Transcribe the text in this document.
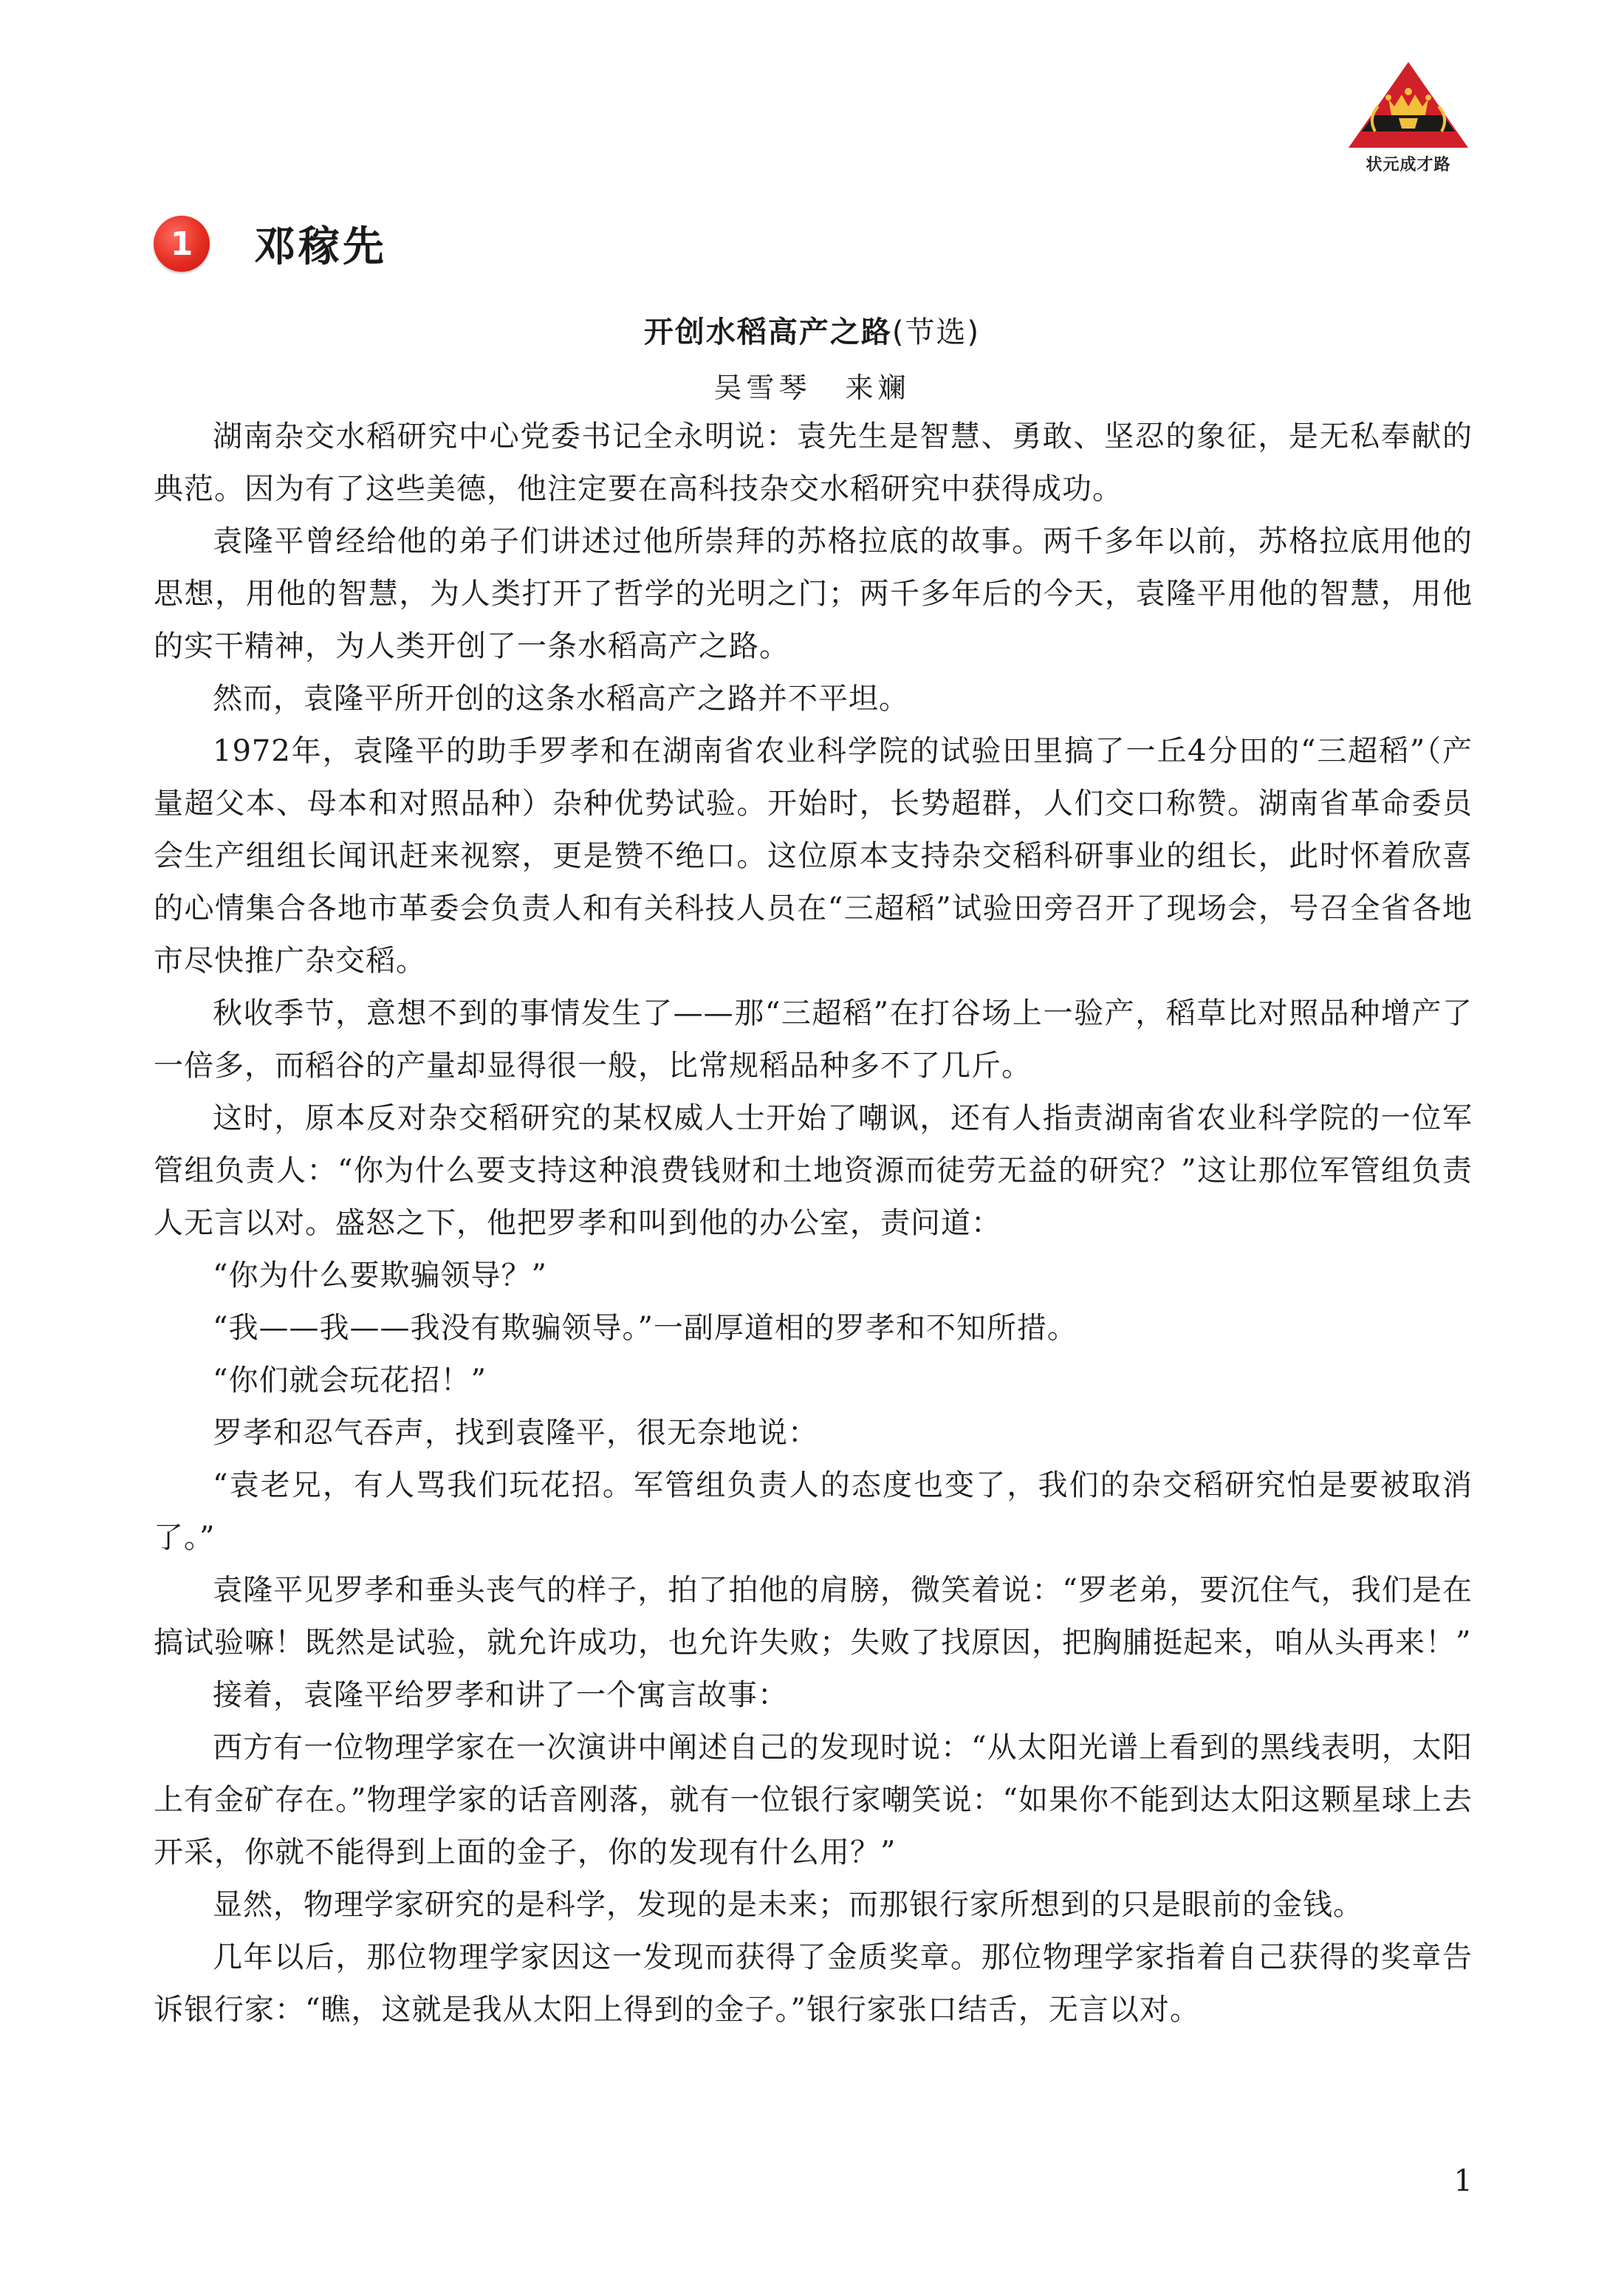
状元成才路
1	邓稼先
开创水稻高产之路(节选)
吴雪琴 来斓

湖南杂交水稻研究中心党委书记全永明说：袁先生是智慧、勇敢、坚忍的象征，是无私奉献的典范。因为有了这些美德，他注定要在高科技杂交水稻研究中获得成功。

袁隆平曾经给他的弟子们讲述过他所崇拜的苏格拉底的故事。两千多年以前，苏格拉底用他的思想，用他的智慧，为人类打开了哲学的光明之门；两千多年后的今天，袁隆平用他的智慧，用他的实干精神，为人类开创了一条水稻高产之路。

然而，袁隆平所开创的这条水稻高产之路并不平坦。

1972年，袁隆平的助手罗孝和在湖南省农业科学院的试验田里搞了一丘4分田的“三超稻”（产量超父本、母本和对照品种）杂种优势试验。开始时，长势超群，人们交口称赞。湖南省革命委员会生产组组长闻讯赶来视察，更是赞不绝口。这位原本支持杂交稻科研事业的组长，此时怀着欣喜的心情集合各地市革委会负责人和有关科技人员在“三超稻”试验田旁召开了现场会，号召全省各地市尽快推广杂交稻。

秋收季节，意想不到的事情发生了——那“三超稻”在打谷场上一验产，稻草比对照品种增产了一倍多，而稻谷的产量却显得很一般，比常规稻品种多不了几斤。

这时，原本反对杂交稻研究的某权威人士开始了嘲讽，还有人指责湖南省农业科学院的一位军管组负责人：“你为什么要支持这种浪费钱财和土地资源而徒劳无益的研究？”这让那位军管组负责人无言以对。盛怒之下，他把罗孝和叫到他的办公室，责问道：

“你为什么要欺骗领导？”

“我——我——我没有欺骗领导。”一副厚道相的罗孝和不知所措。

“你们就会玩花招！”

罗孝和忍气吞声，找到袁隆平，很无奈地说：

“袁老兄，有人骂我们玩花招。军管组负责人的态度也变了，我们的杂交稻研究怕是要被取消了。”

袁隆平见罗孝和垂头丧气的样子，拍了拍他的肩膀，微笑着说：“罗老弟，要沉住气，我们是在搞试验嘛！既然是试验，就允许成功，也允许失败；失败了找原因，把胸脯挺起来，咱从头再来！”

接着，袁隆平给罗孝和讲了一个寓言故事：

西方有一位物理学家在一次演讲中阐述自己的发现时说：“从太阳光谱上看到的黑线表明，太阳上有金矿存在。”物理学家的话音刚落，就有一位银行家嘲笑说：“如果你不能到达太阳这颗星球上去开采，你就不能得到上面的金子，你的发现有什么用？”

显然，物理学家研究的是科学，发现的是未来；而那银行家所想到的只是眼前的金钱。

几年以后，那位物理学家因这一发现而获得了金质奖章。那位物理学家指着自己获得的奖章告诉银行家：“瞧，这就是我从太阳上得到的金子。”银行家张口结舌，无言以对。

1
